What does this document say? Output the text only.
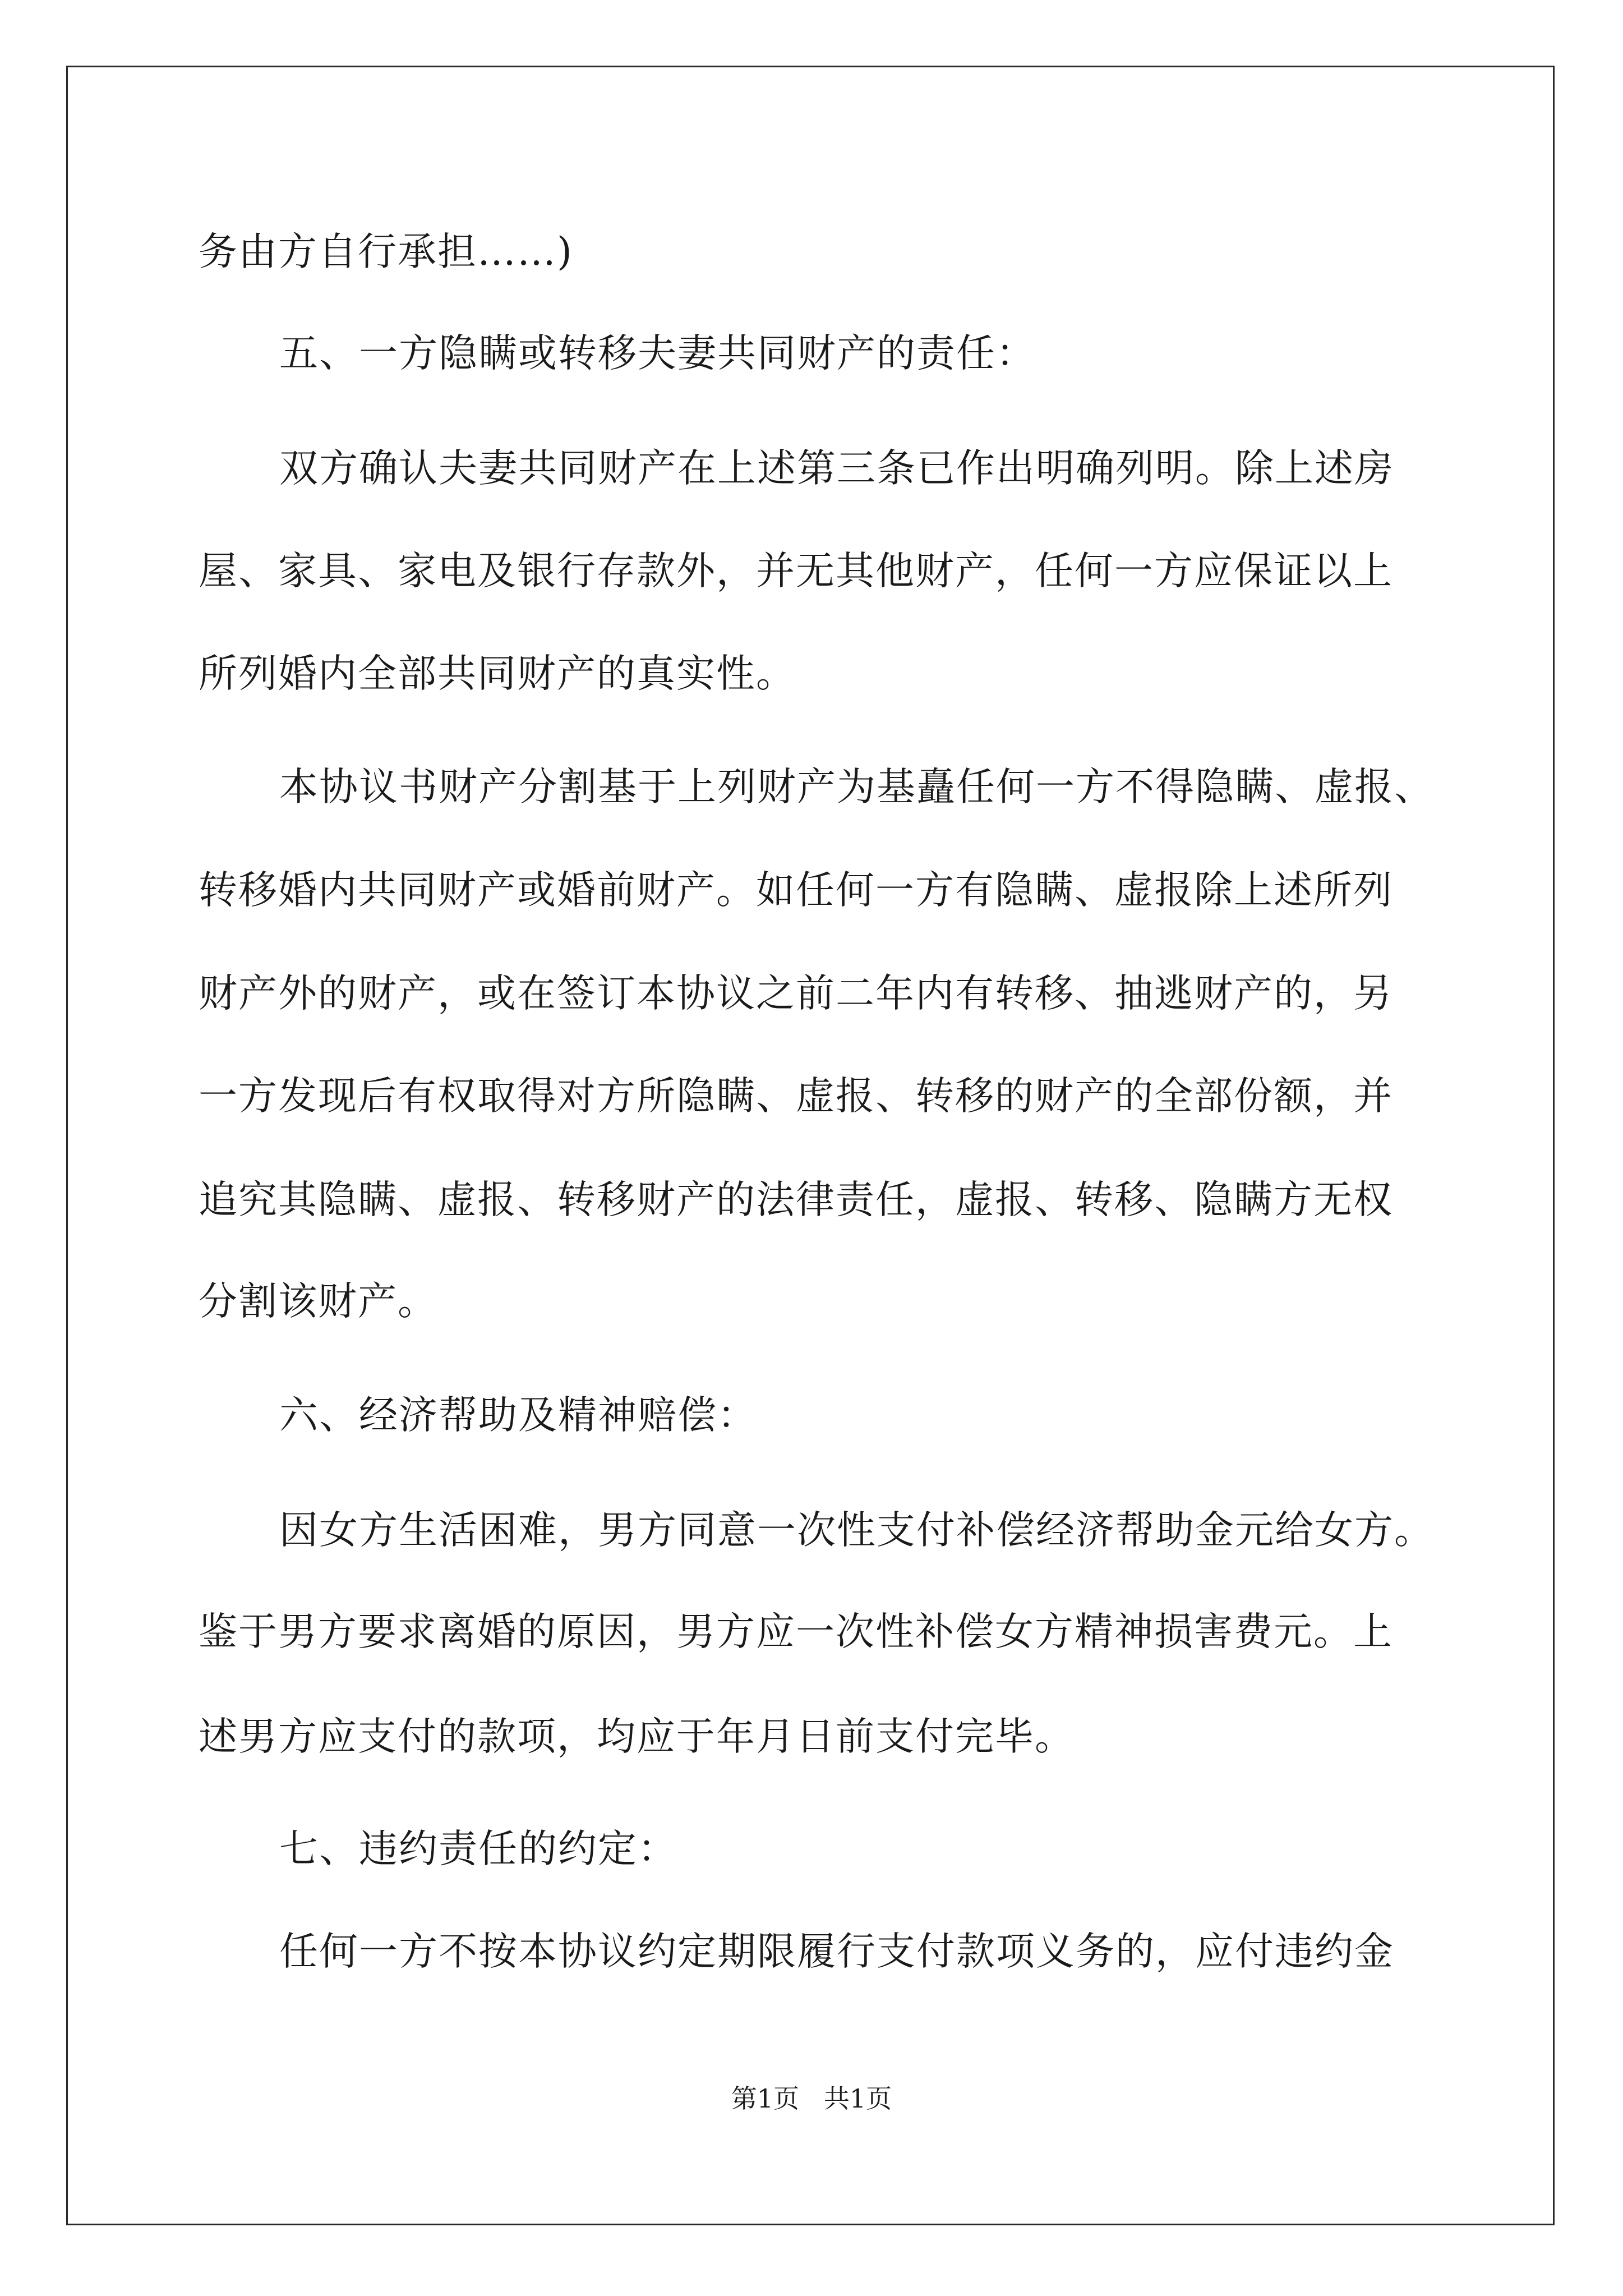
务由方自行承担……)
五、一方隐瞒或转移夫妻共同财产的责任：
双方确认夫妻共同财产在上述第三条已作出明确列明。除上述房
屋、家具、家电及银行存款外，并无其他财产，任何一方应保证以上
所列婚内全部共同财产的真实性。
本协议书财产分割基于上列财产为基矗任何一方不得隐瞒、虚报、
转移婚内共同财产或婚前财产。如任何一方有隐瞒、虚报除上述所列
财产外的财产，或在签订本协议之前二年内有转移、抽逃财产的，另
一方发现后有权取得对方所隐瞒、虚报、转移的财产的全部份额，并
追究其隐瞒、虚报、转移财产的法律责任，虚报、转移、隐瞒方无权
分割该财产。
六、经济帮助及精神赔偿：
因女方生活困难，男方同意一次性支付补偿经济帮助金元给女方。
鉴于男方要求离婚的原因，男方应一次性补偿女方精神损害费元。上
述男方应支付的款项，均应于年月日前支付完毕。
七、违约责任的约定：
任何一方不按本协议约定期限履行支付款项义务的，应付违约金
第1页   共1页
